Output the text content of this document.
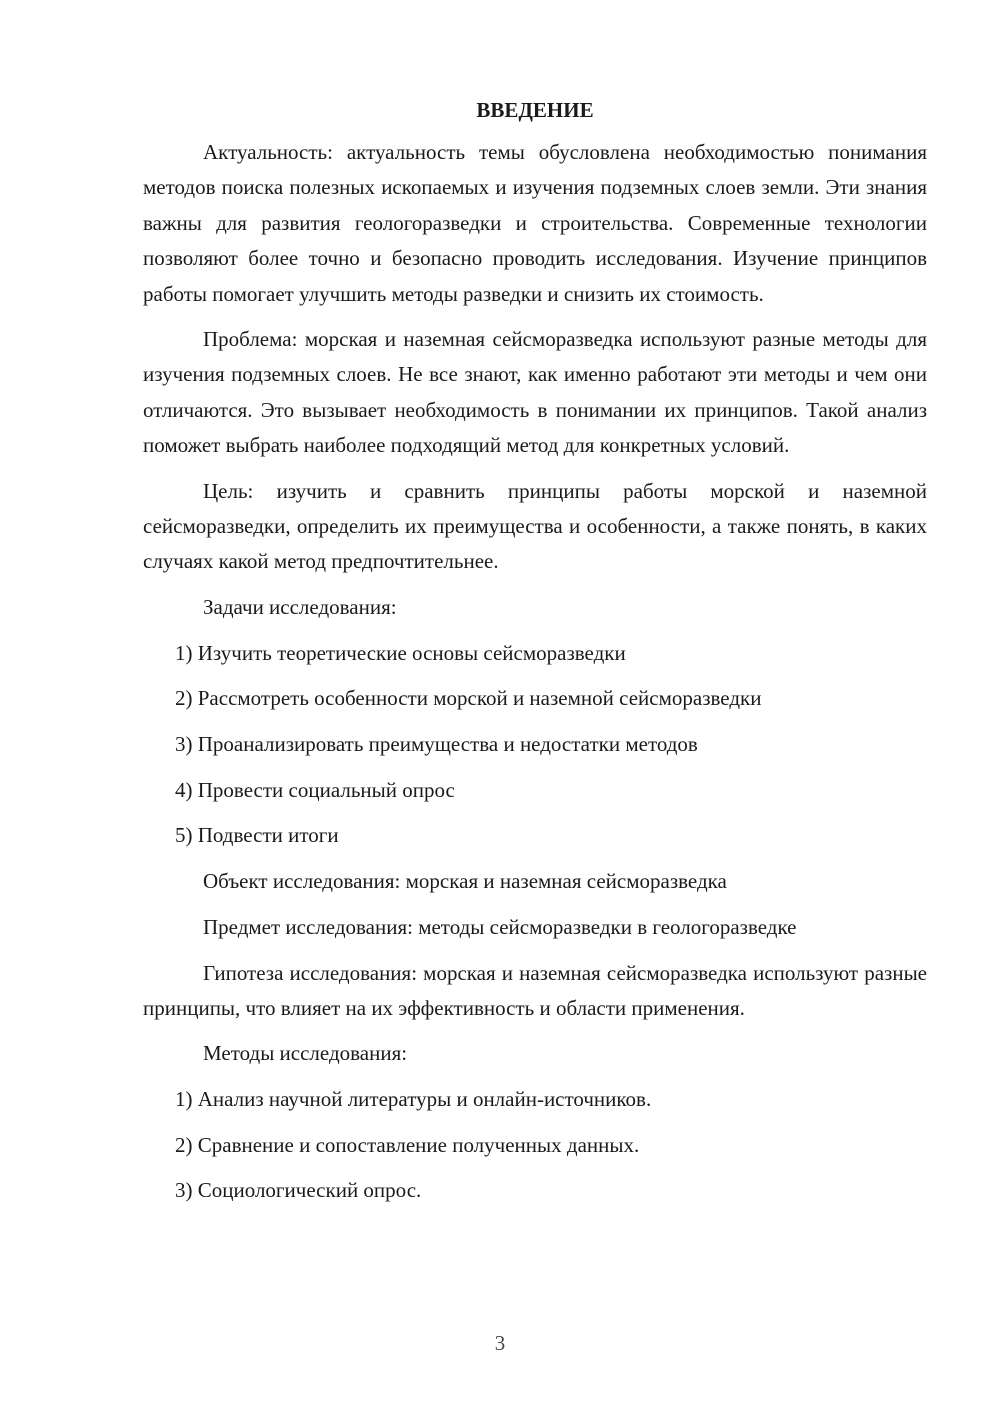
ВВЕДЕНИЕ

Актуальность: актуальность темы обусловлена необходимостью понимания методов поиска полезных ископаемых и изучения подземных слоев земли. Эти знания важны для развития геологоразведки и строительства. Современные технологии позволяют более точно и безопасно проводить исследования. Изучение принципов работы помогает улучшить методы разведки и снизить их стоимость.

Проблема: морская и наземная сейсморазведка используют разные методы для изучения подземных слоев. Не все знают, как именно работают эти методы и чем они отличаются. Это вызывает необходимость в понимании их принципов. Такой анализ поможет выбрать наиболее подходящий метод для конкретных условий.

Цель: изучить и сравнить принципы работы морской и наземной сейсморазведки, определить их преимущества и особенности, а также понять, в каких случаях какой метод предпочтительнее.

Задачи исследования:

1) Изучить теоретические основы сейсморазведки

2) Рассмотреть особенности морской и наземной сейсморазведки

3) Проанализировать преимущества и недостатки методов

4) Провести социальный опрос

5) Подвести итоги

Объект исследования: морская и наземная сейсморазведка

Предмет исследования: методы сейсморазведки в геологоразведке

Гипотеза исследования: морская и наземная сейсморазведка используют разные принципы, что влияет на их эффективность и области применения.

Методы исследования:

1) Анализ научной литературы и онлайн-источников.

2) Сравнение и сопоставление полученных данных.

3) Социологический опрос.

3
